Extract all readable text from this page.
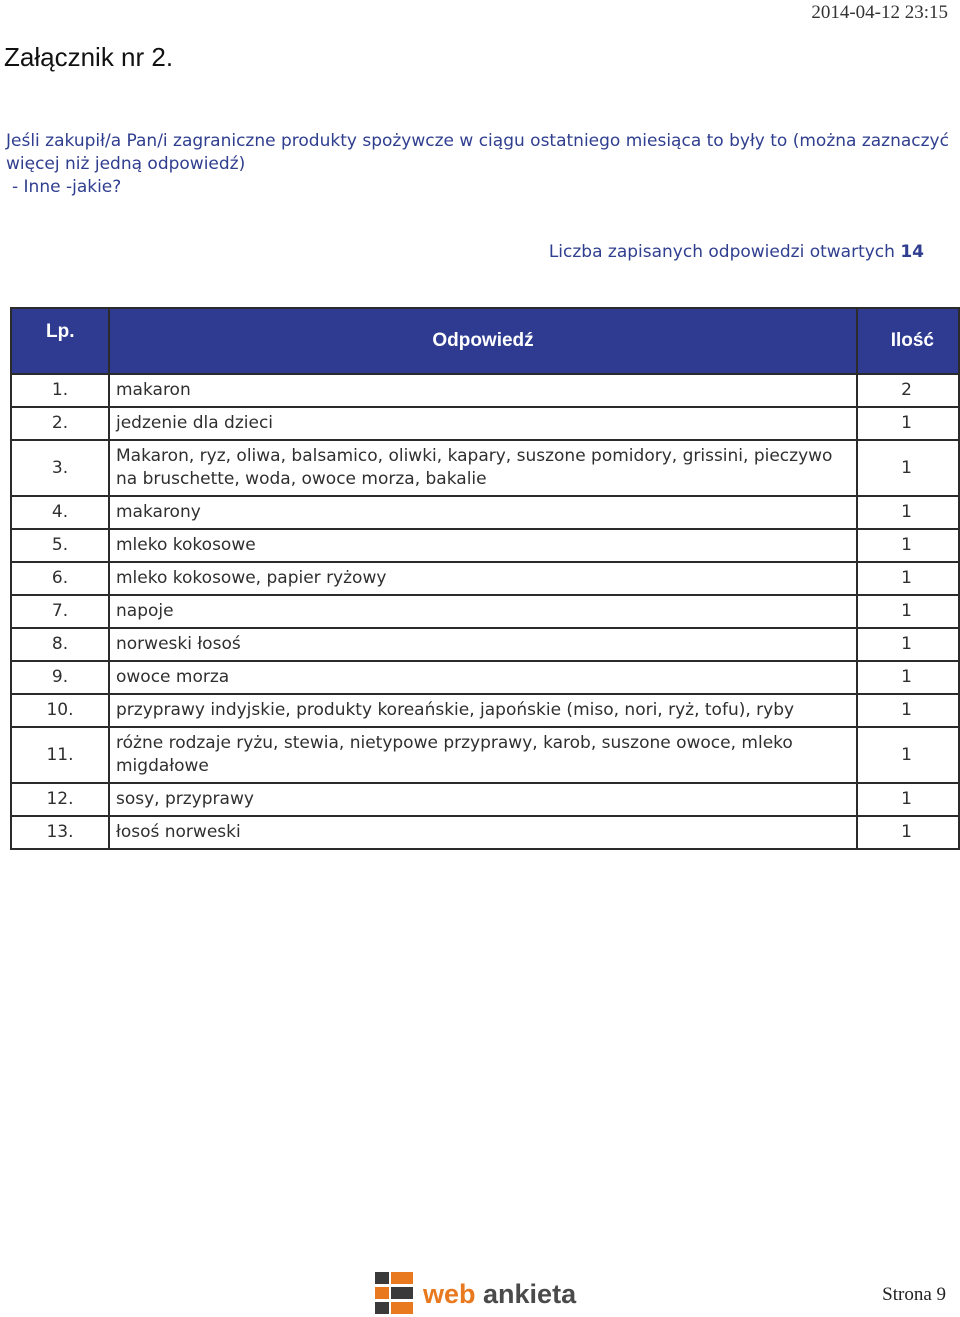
2014-04-12 23:15
Załącznik nr 2.
Jeśli zakupił/a Pan/i zagraniczne produkty spożywcze w ciągu ostatniego miesiąca to były to (można zaznaczyć
więcej niż jedną odpowiedź)
- Inne -jakie?
Liczba zapisanych odpowiedzi otwartych 14
Lp.	Odpowiedź	Ilość
1.	makaron	2
2.	jedzenie dla dzieci	1
3.	Makaron, ryz, oliwa, balsamico, oliwki, kapary, suszone pomidory, grissini, pieczywo na bruschette, woda, owoce morza, bakalie	1
4.	makarony	1
5.	mleko kokosowe	1
6.	mleko kokosowe, papier ryżowy	1
7.	napoje	1
8.	norweski łosoś	1
9.	owoce morza	1
10.	przyprawy indyjskie, produkty koreańskie, japońskie (miso, nori, ryż, tofu), ryby	1
11.	różne rodzaje ryżu, stewia, nietypowe przyprawy, karob, suszone owoce, mleko migdałowe	1
12.	sosy, przyprawy	1
13.	łosoś norweski	1
web ankieta	Strona 9
